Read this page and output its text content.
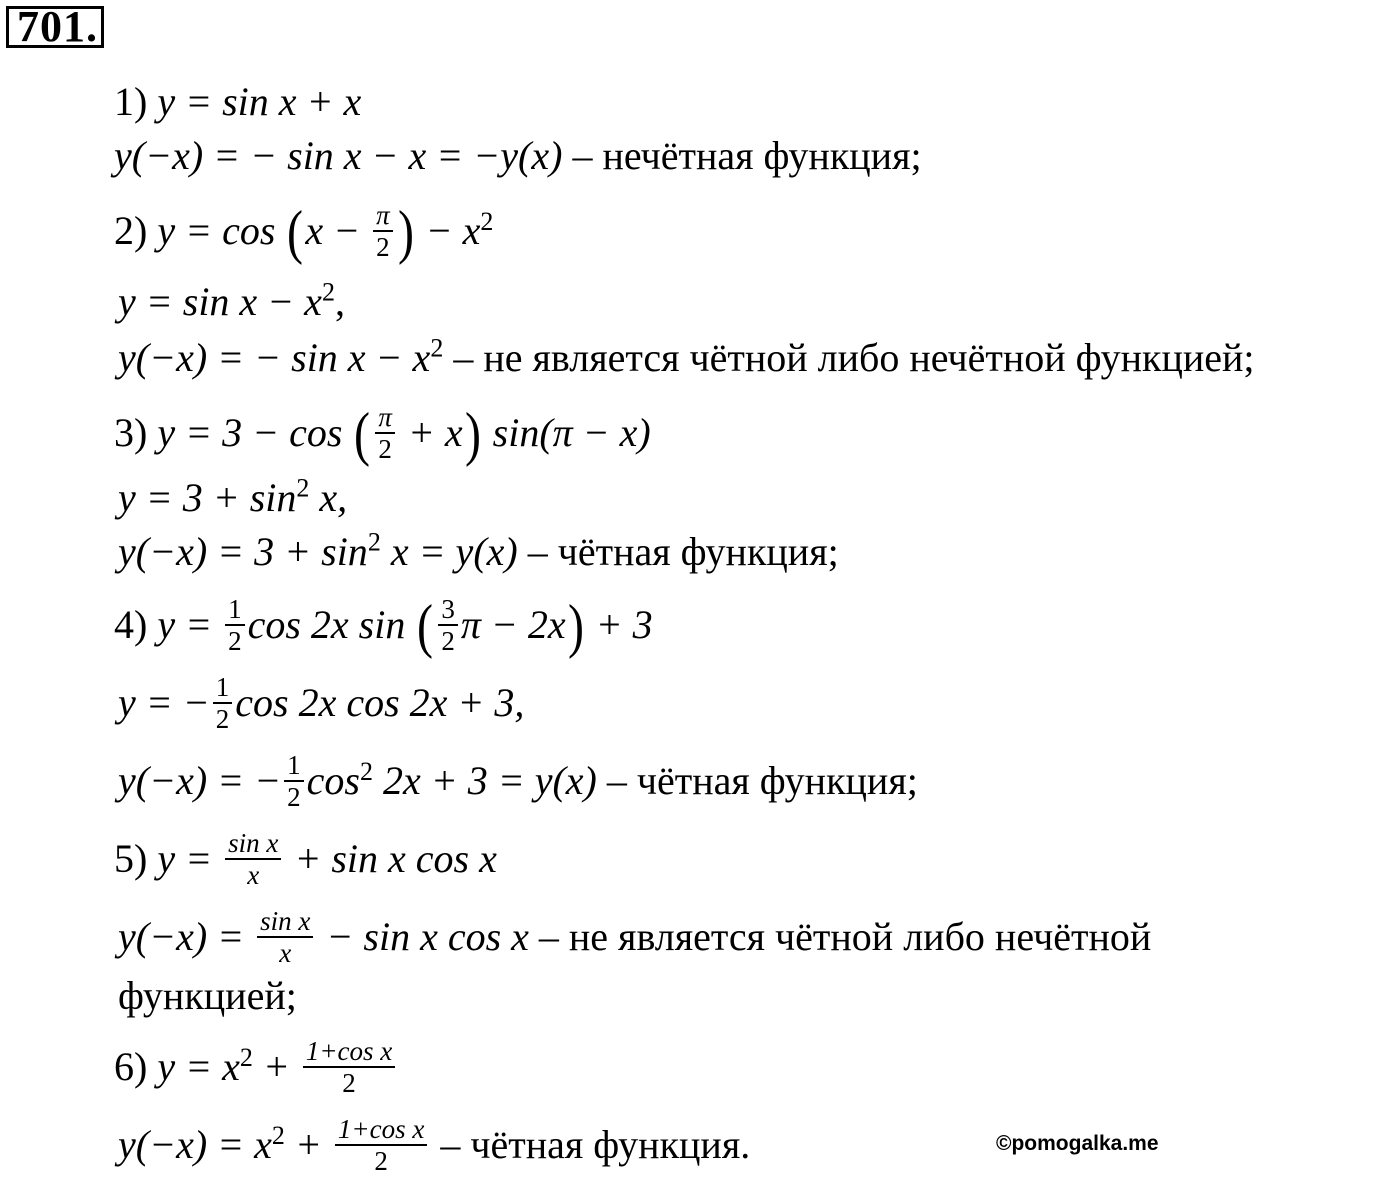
701.
1) y = sin x + x
y(−x) = − sin x − x = −y(x) – нечётная функция;
2) $y = \cos (x - \frac{\pi}{2}$ ) − $x^2$
$y = \sin x - x^2$,
y(−x) = − $\sin x - x^2$ – не является чётной либо нечётной функцией;
3) y = 3 − cos ( $\frac{\pi}{2} + x$) sin(π − x)
$y = 3 + \sin^2 x$,
$y(-x) = 3 + \sin^2 x = y(x)$ – чётная функция;
4) $y = \frac{1}{2}$ cos 2x sin ( $\frac{3}{2}$ π − 2x) + 3
y = − $\frac{1}{2}$ cos 2x cos 2x + 3,
y(−x) = − $\frac{1}{2} \cos^2 2x + 3 = y(x)$ – чётная функция;
5) $y = \frac{\text{sin x}}{x} + \sin x$ cos x
$y(-x) = \frac{\text{sin x}}{x} - \sin x$ cos x – не является чётной либо нечётной
функцией;
6) $y = x^2 + \frac{\text{1+cos x}}{2}$
$y(-x) = x^2 + \frac{\text{1+cos x}}{2}$ – чётная функция.	©pomogalka.me
